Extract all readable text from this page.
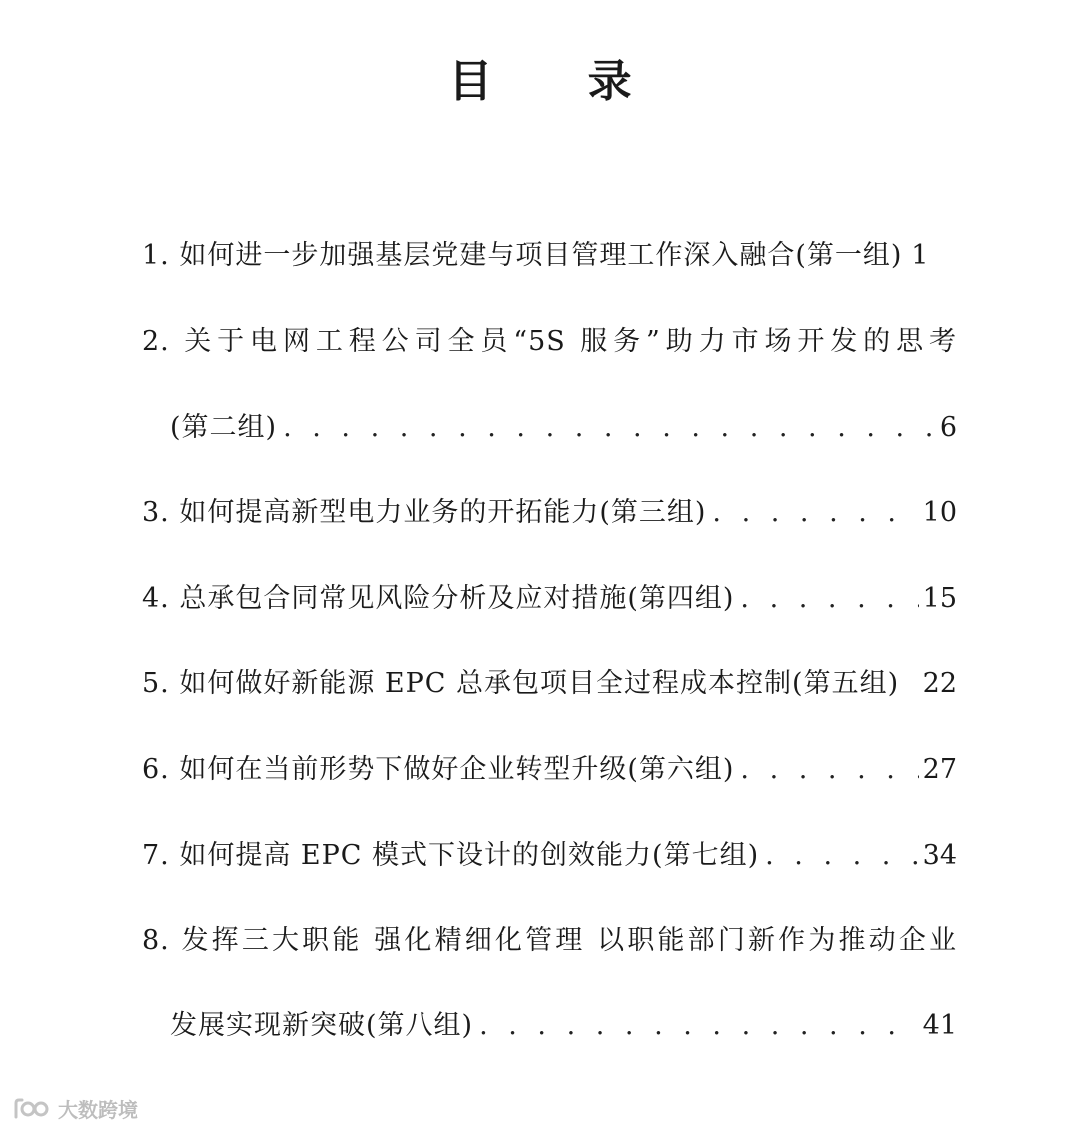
目 录
1. 如何进一步加强基层党建与项目管理工作深入融合(第一组) 1
2. 关于电网工程公司全员“5S 服务”助力市场开发的思考
(第二组) . . .	6
3. 如何提高新型电力业务的开拓能力(第三组) . . .	10
4. 总承包合同常见风险分析及应对措施(第四组) . . .	15
5. 如何做好新能源 EPC 总承包项目全过程成本控制(第五组) 22
6. 如何在当前形势下做好企业转型升级(第六组) . . .	27
7. 如何提高 EPC 模式下设计的创效能力(第七组) . . .	34
8. 发挥三大职能 强化精细化管理 以职能部门新作为推动企业
发展实现新突破(第八组) . . .	41
大数跨境
